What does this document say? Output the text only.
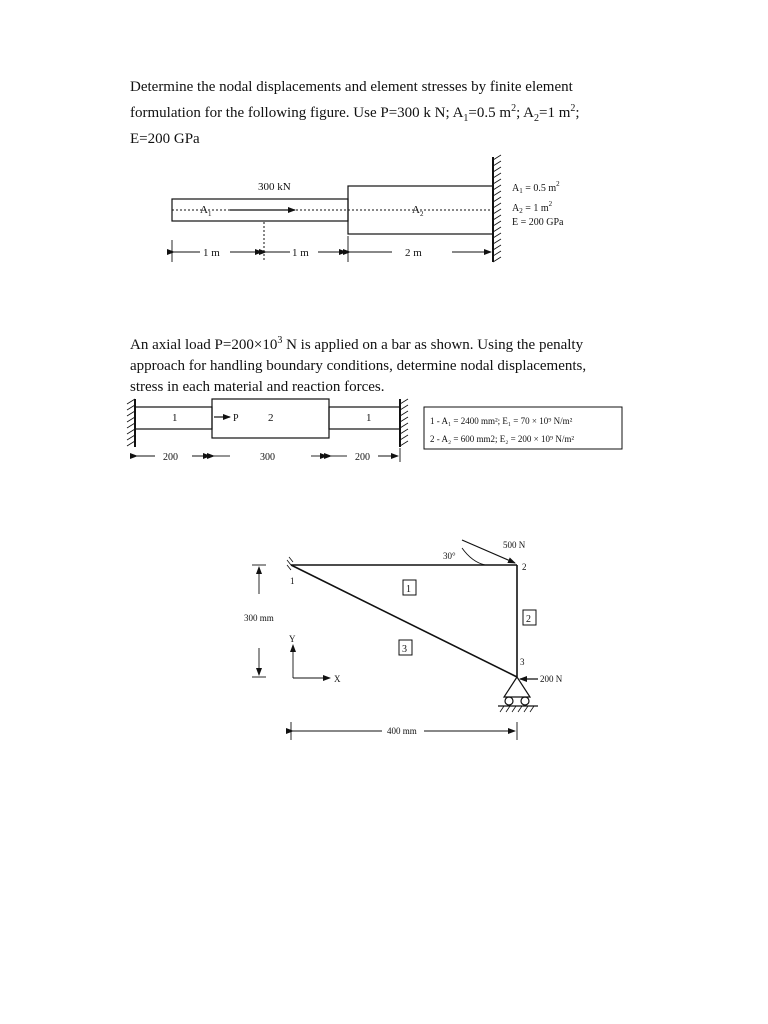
Determine the nodal displacements and element stresses by finite element

formulation for the following figure. Use P=300 k N; $A_1=0.5$ $m^2$; $A_2=1$ $m^2$;

E=200 GPa

An axial load $P=200\times 10^3$ N is applied on a bar as shown. Using the penalty

approach for handling boundary conditions, determine nodal displacements,

stress in each material and reaction forces.

300 kN
$A_1$	$A_2$
$A_1 = 0.5$ $m^2$
$A_2 = 1$ $m^2$
E = 200 GPa
1 m	1 m	2 m
1	P	2	1	1 - A₁ = 2400 mm²; E₁ = 70 × 10⁹ N/m²
2 - A₂ = 600 mm2; E₂ = 200 × 10⁹ N/m²
200	300	200
500 N
30°
200 N
1
2
3
1
2
3
300 mm
Y
X
400 mm
